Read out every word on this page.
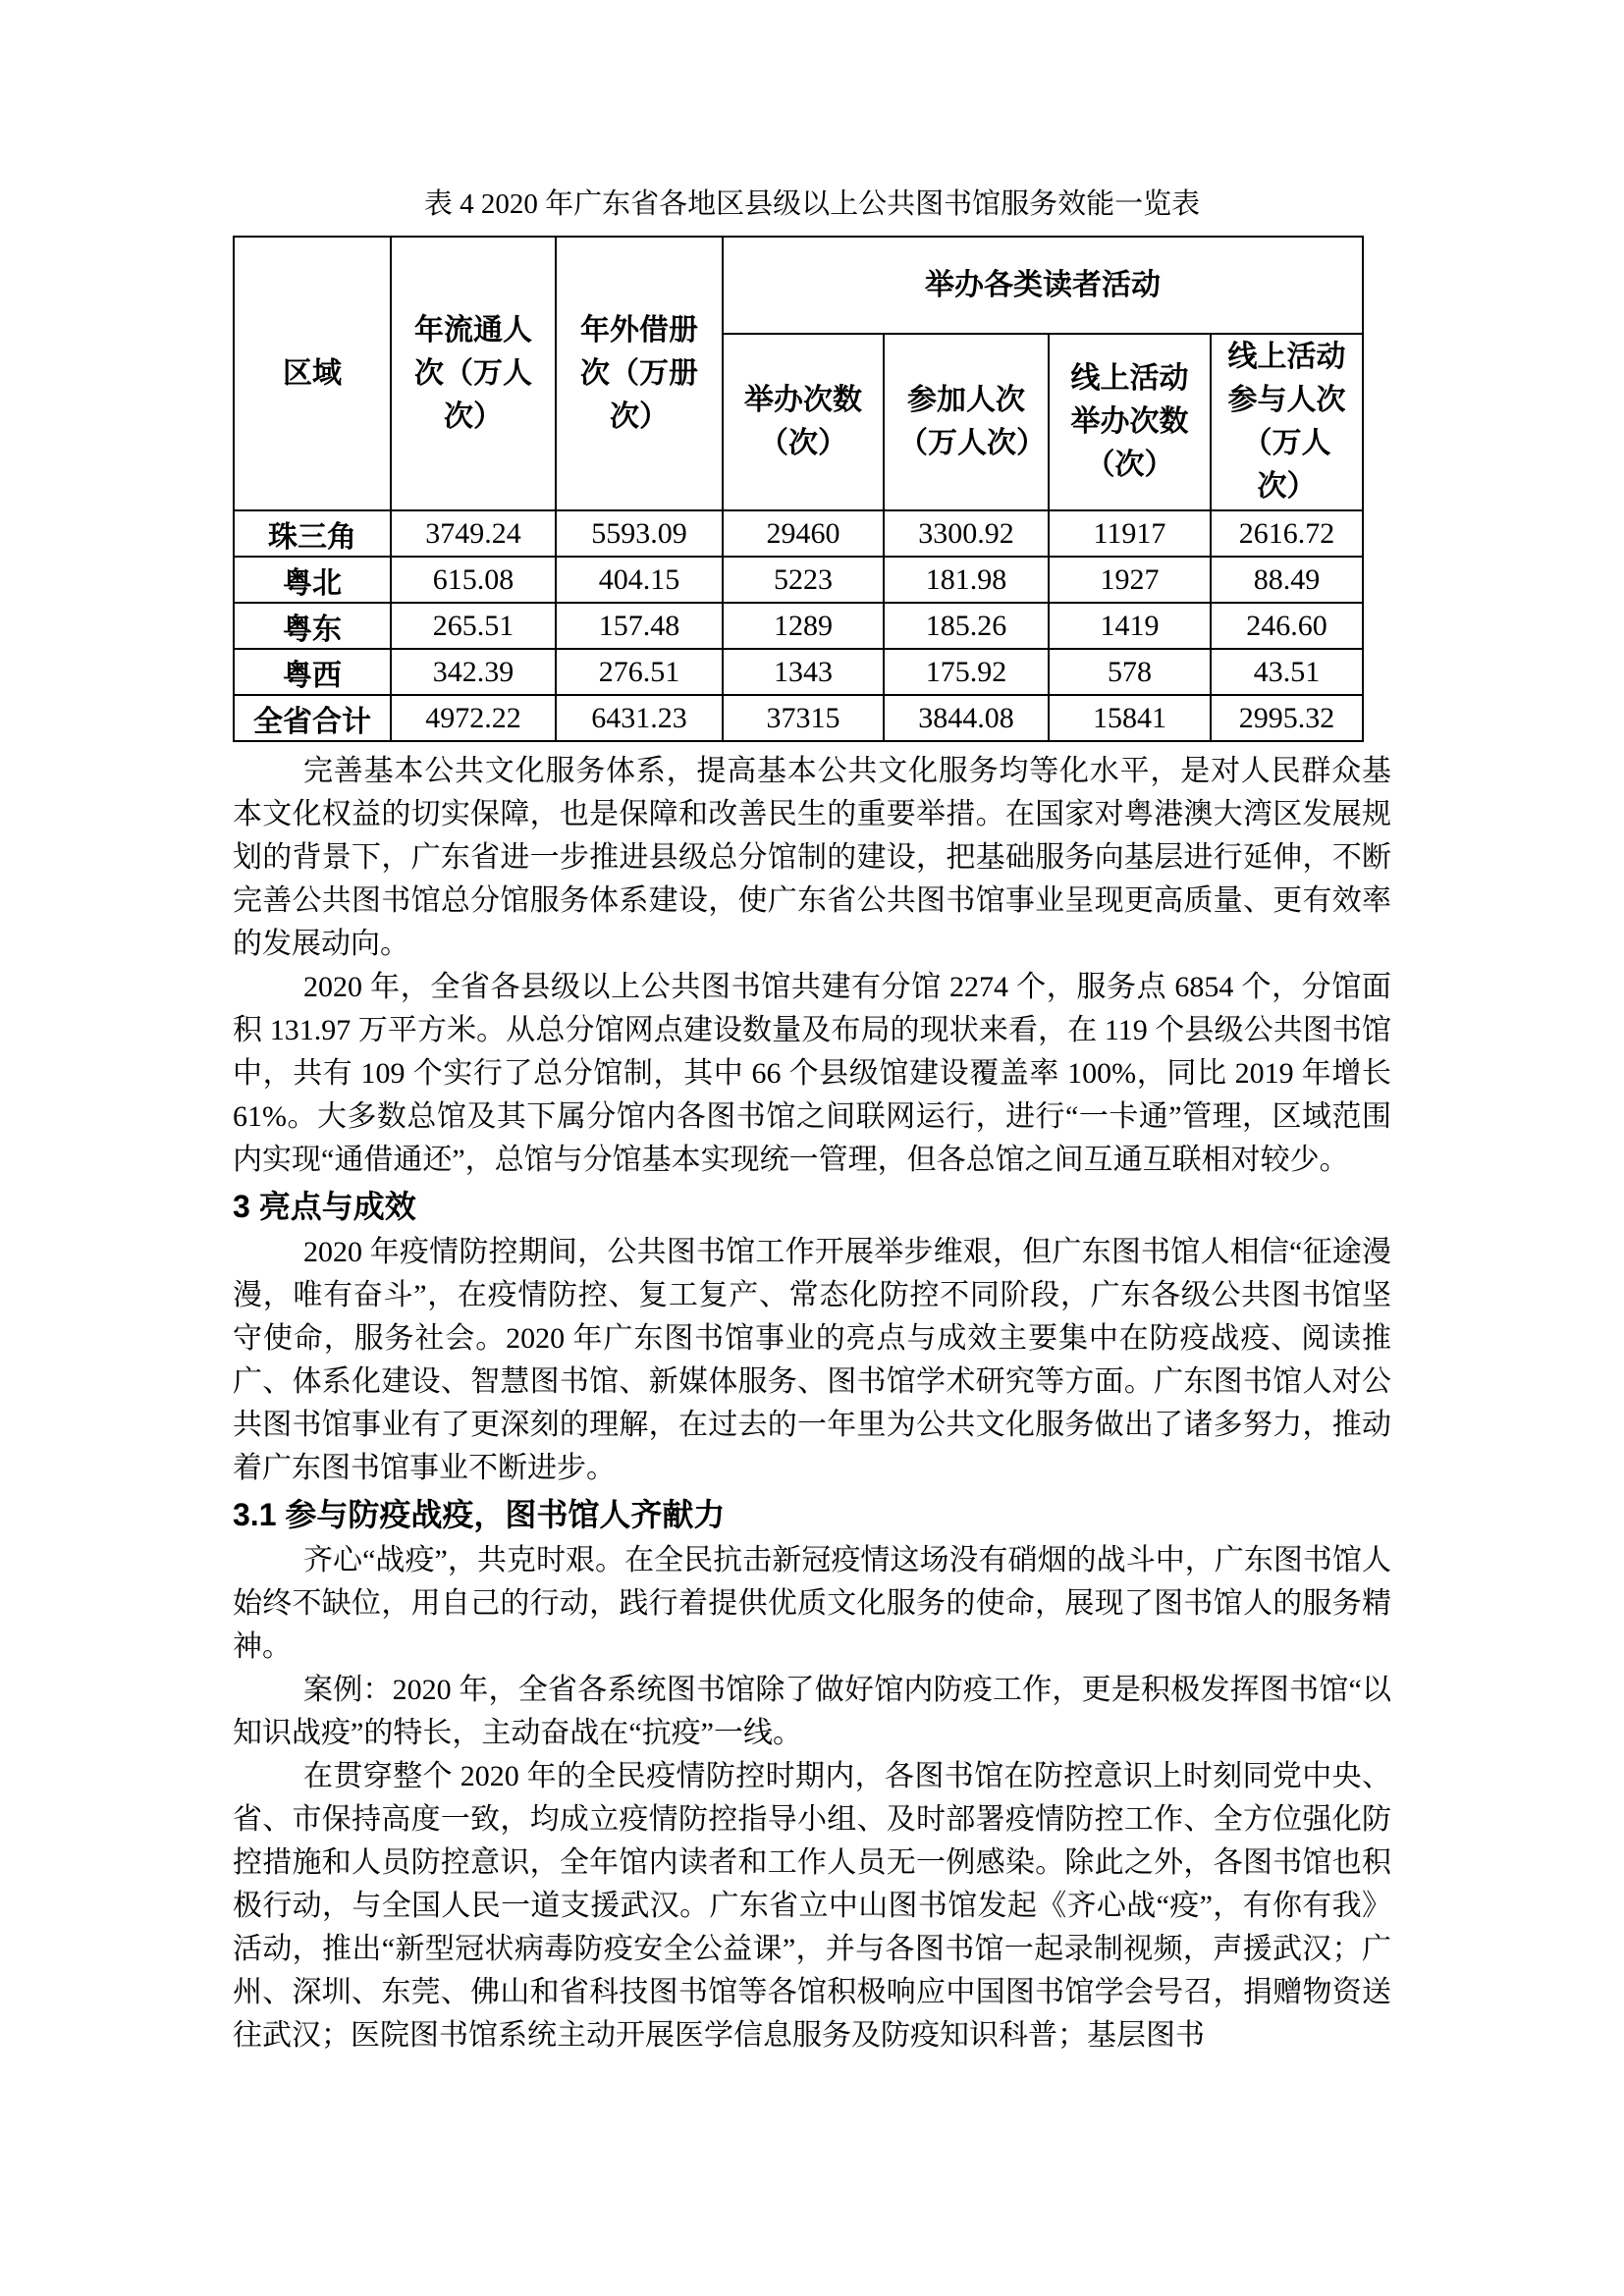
表 4 2020 年广东省各地区县级以上公共图书馆服务效能一览表
区域	年流通人次（万人次）	年外借册次（万册次）	举办各类读者活动			
			举办次数（次）	参加人次（万人次）	线上活动举办次数（次）	线上活动参与人次（万人次）
珠三角	3749.24	5593.09	29460	3300.92	11917	2616.72
粤北	615.08	404.15	5223	181.98	1927	88.49
粤东	265.51	157.48	1289	185.26	1419	246.60
粤西	342.39	276.51	1343	175.92	578	43.51
全省合计	4972.22	6431.23	37315	3844.08	15841	2995.32

完善基本公共文化服务体系，提高基本公共文化服务均等化水平，是对人民群众基本文化权益的切实保障，也是保障和改善民生的重要举措。在国家对粤港澳大湾区发展规划的背景下，广东省进一步推进县级总分馆制的建设，把基础服务向基层进行延伸，不断完善公共图书馆总分馆服务体系建设，使广东省公共图书馆事业呈现更高质量、更有效率的发展动向。

2020 年，全省各县级以上公共图书馆共建有分馆 2274 个，服务点 6854 个，分馆面积 131.97 万平方米。从总分馆网点建设数量及布局的现状来看，在 119 个县级公共图书馆中，共有 109 个实行了总分馆制，其中 66 个县级馆建设覆盖率 100%，同比 2019 年增长 61%。大多数总馆及其下属分馆内各图书馆之间联网运行，进行“一卡通”管理，区域范围内实现“通借通还”，总馆与分馆基本实现统一管理，但各总馆之间互通互联相对较少。

3 亮点与成效

2020 年疫情防控期间，公共图书馆工作开展举步维艰，但广东图书馆人相信“征途漫漫，唯有奋斗”，在疫情防控、复工复产、常态化防控不同阶段，广东各级公共图书馆坚守使命，服务社会。2020 年广东图书馆事业的亮点与成效主要集中在防疫战疫、阅读推广、体系化建设、智慧图书馆、新媒体服务、图书馆学术研究等方面。广东图书馆人对公共图书馆事业有了更深刻的理解，在过去的一年里为公共文化服务做出了诸多努力，推动着广东图书馆事业不断进步。

3.1 参与防疫战疫，图书馆人齐献力

齐心“战疫”，共克时艰。在全民抗击新冠疫情这场没有硝烟的战斗中，广东图书馆人始终不缺位，用自己的行动，践行着提供优质文化服务的使命，展现了图书馆人的服务精神。

案例：2020 年，全省各系统图书馆除了做好馆内防疫工作，更是积极发挥图书馆“以知识战疫”的特长，主动奋战在“抗疫”一线。

在贯穿整个 2020 年的全民疫情防控时期内，各图书馆在防控意识上时刻同党中央、省、市保持高度一致，均成立疫情防控指导小组、及时部署疫情防控工作、全方位强化防控措施和人员防控意识，全年馆内读者和工作人员无一例感染。除此之外，各图书馆也积极行动，与全国人民一道支援武汉。广东省立中山图书馆发起《齐心战“疫”，有你有我》活动，推出“新型冠状病毒防疫安全公益课”，并与各图书馆一起录制视频，声援武汉；广州、深圳、东莞、佛山和省科技图书馆等各馆积极响应中国图书馆学会号召，捐赠物资送往武汉；医院图书馆系统主动开展医学信息服务及防疫知识科普；基层图书
